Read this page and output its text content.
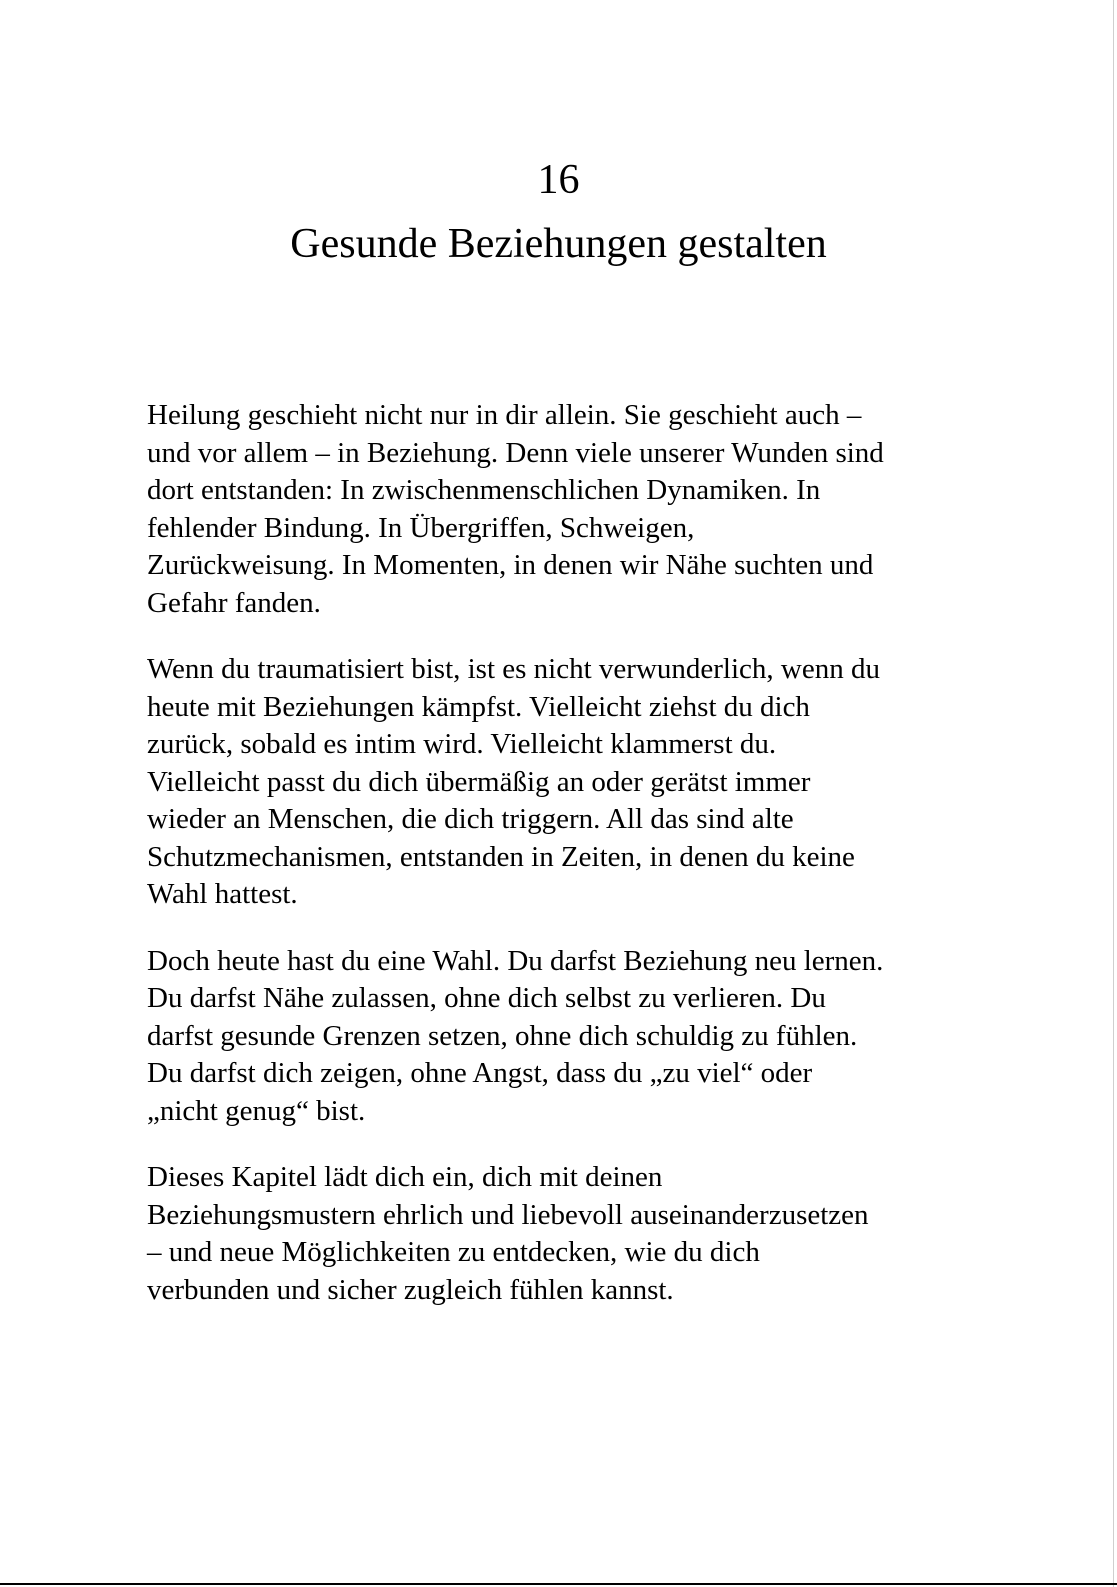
16
Gesunde Beziehungen gestalten

Heilung geschieht nicht nur in dir allein. Sie geschieht auch –
und vor allem – in Beziehung. Denn viele unserer Wunden sind
dort entstanden: In zwischenmenschlichen Dynamiken. In
fehlender Bindung. In Übergriffen, Schweigen,
Zurückweisung. In Momenten, in denen wir Nähe suchten und
Gefahr fanden.

Wenn du traumatisiert bist, ist es nicht verwunderlich, wenn du
heute mit Beziehungen kämpfst. Vielleicht ziehst du dich
zurück, sobald es intim wird. Vielleicht klammerst du.
Vielleicht passt du dich übermäßig an oder gerätst immer
wieder an Menschen, die dich triggern. All das sind alte
Schutzmechanismen, entstanden in Zeiten, in denen du keine
Wahl hattest.

Doch heute hast du eine Wahl. Du darfst Beziehung neu lernen.
Du darfst Nähe zulassen, ohne dich selbst zu verlieren. Du
darfst gesunde Grenzen setzen, ohne dich schuldig zu fühlen.
Du darfst dich zeigen, ohne Angst, dass du „zu viel“ oder
„nicht genug“ bist.

Dieses Kapitel lädt dich ein, dich mit deinen
Beziehungsmustern ehrlich und liebevoll auseinanderzusetzen
– und neue Möglichkeiten zu entdecken, wie du dich
verbunden und sicher zugleich fühlen kannst.
